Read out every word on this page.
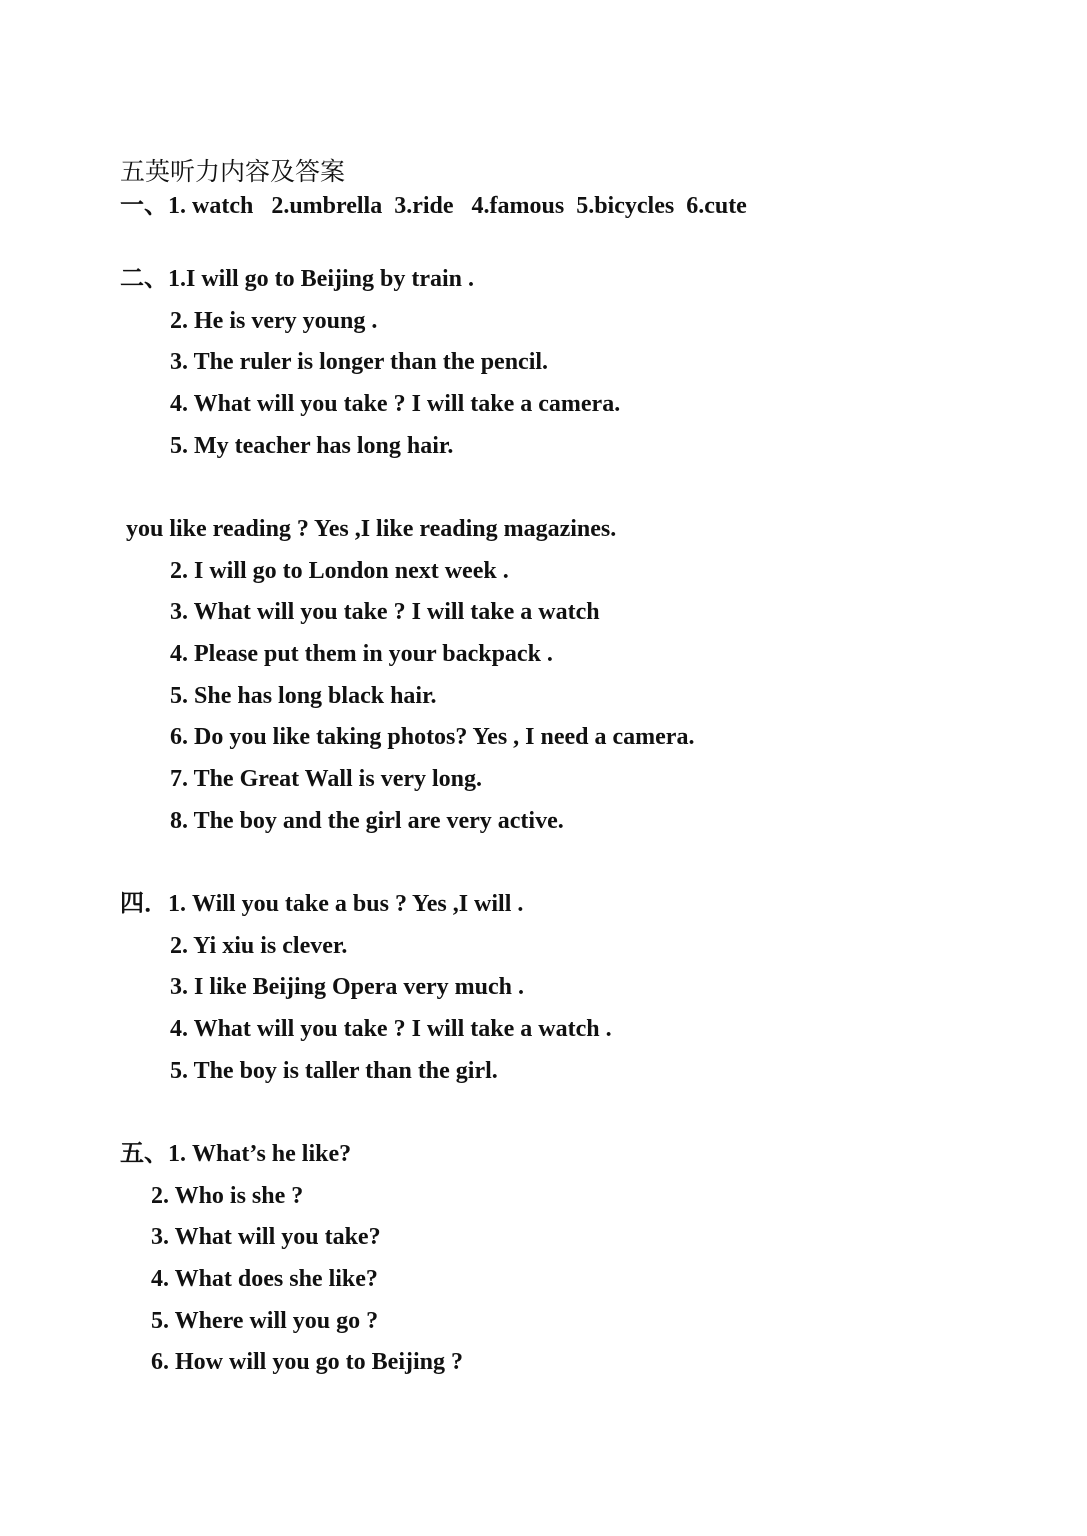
五英听力内容及答案
一、1. watch   2.umbrella  3.ride   4.famous  5.bicycles  6.cute
二、1.I will go to Beijing by train .
2. He is very young .
3. The ruler is longer than the pencil.
4. What will you take ? I will take a camera.
5. My teacher has long hair.
you like reading ? Yes ,I like reading magazines.
2. I will go to London next week .
3. What will you take ? I will take a watch
4. Please put them in your backpack .
5. She has long black hair.
6. Do you like taking photos? Yes , I need a camera.
7. The Great Wall is very long.
8. The boy and the girl are very active.
四．1. Will you take a bus ? Yes ,I will .
2. Yi xiu is clever.
3. I like Beijing Opera very much .
4. What will you take ? I will take a watch .
5. The boy is taller than the girl.
五、1. What’s he like?
2. Who is she ?
3. What will you take?
4. What does she like?
5. Where will you go ?
6. How will you go to Beijing ?
